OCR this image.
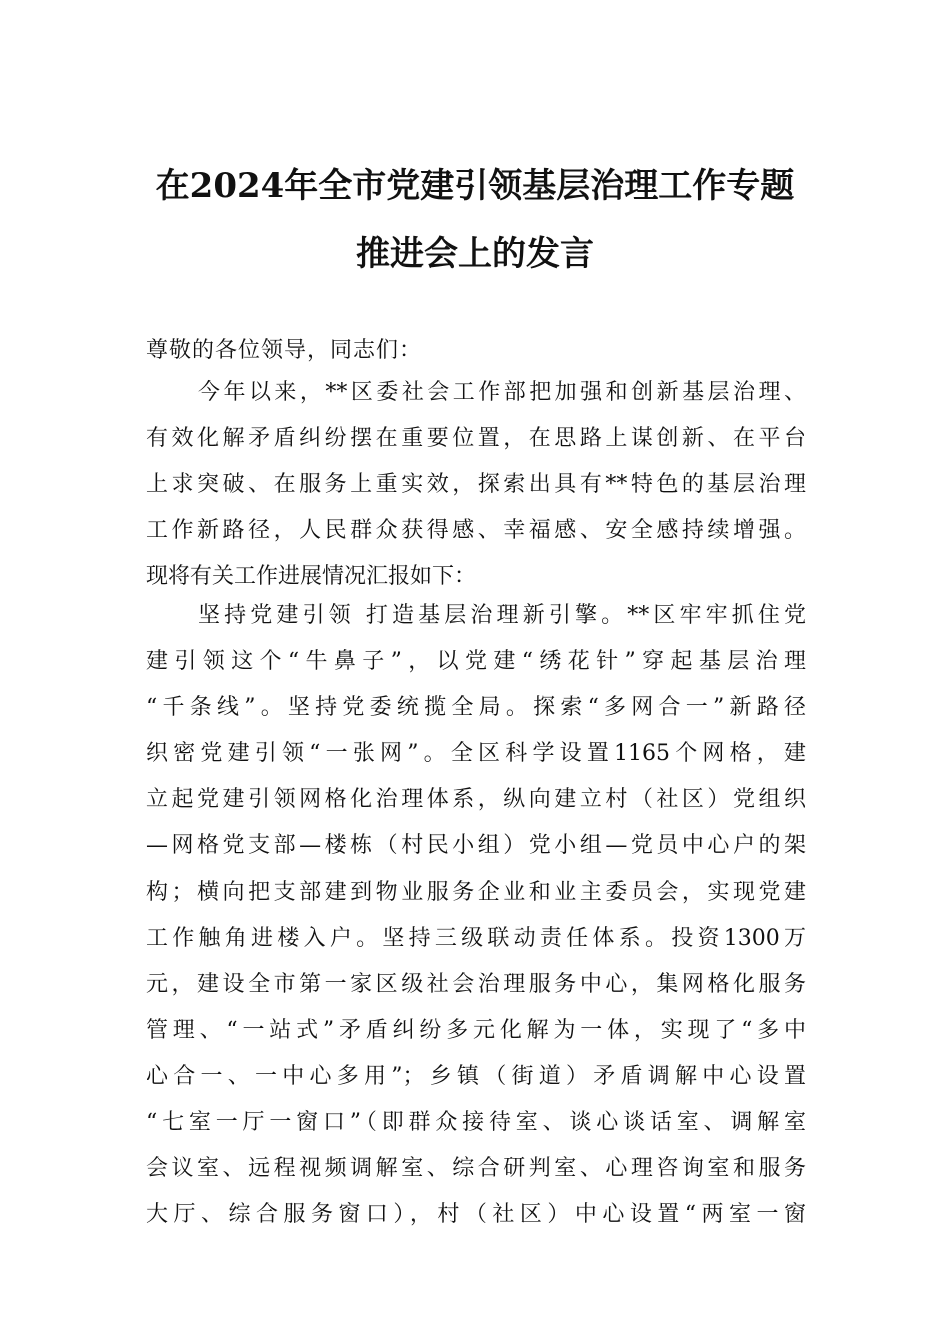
在2024年全市党建引领基层治理工作专题
推进会上的发言
尊敬的各位领导，同志们：
今年以来，**区委社会工作部把加强和创新基层治理、
有效化解矛盾纠纷摆在重要位置，在思路上谋创新、在平台
上求突破、在服务上重实效，探索出具有**特色的基层治理
工作新路径，人民群众获得感、幸福感、安全感持续增强。
现将有关工作进展情况汇报如下：
坚持党建引领 打造基层治理新引擎。**区牢牢抓住党
建引领这个“牛鼻子”，以党建“绣花针”穿起基层治理
“千条线”。坚持党委统揽全局。探索“多网合一”新路径
织密党建引领“一张网”。全区科学设置1165个网格，建
立起党建引领网格化治理体系，纵向建立村（社区）党组织
—网格党支部—楼栋（村民小组）党小组—党员中心户的架
构；横向把支部建到物业服务企业和业主委员会，实现党建
工作触角进楼入户。坚持三级联动责任体系。投资1300万
元，建设全市第一家区级社会治理服务中心，集网格化服务
管理、“一站式”矛盾纠纷多元化解为一体，实现了“多中
心合一、一中心多用”；乡镇（街道）矛盾调解中心设置
“七室一厅一窗口”（即群众接待室、谈心谈话室、调解室
会议室、远程视频调解室、综合研判室、心理咨询室和服务
大厅、综合服务窗口），村（社区）中心设置“两室一窗
